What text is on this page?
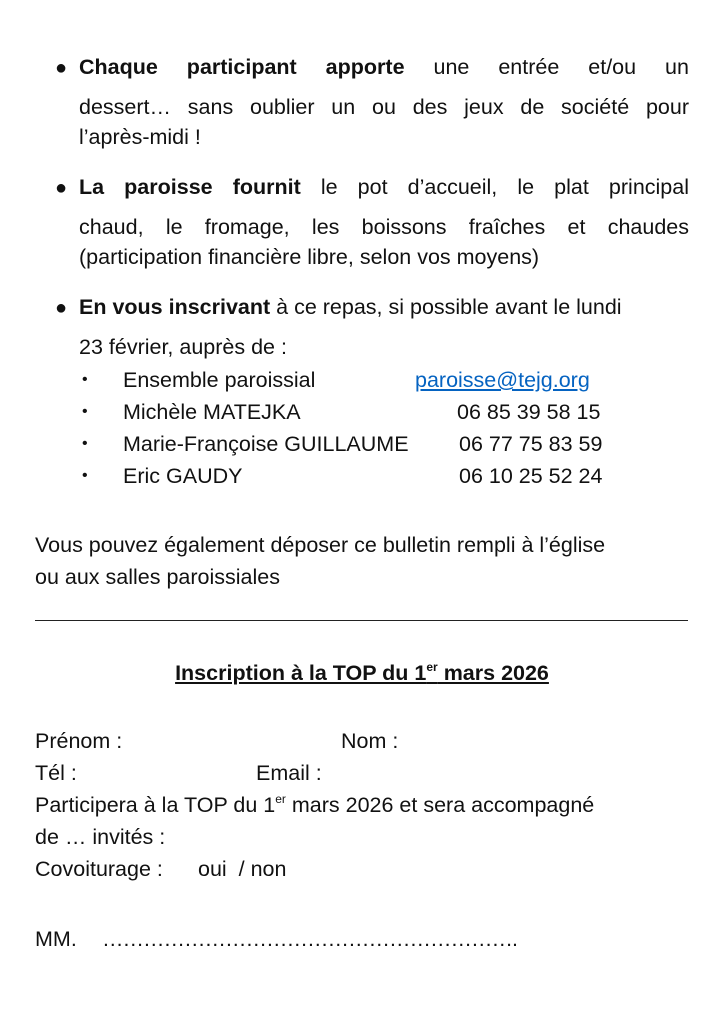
● Chaque participant apporte une entrée et/ou un
dessert… sans oublier un ou des jeux de société pour
l’après-midi !
● La paroisse fournit le pot d’accueil, le plat principal
chaud, le fromage, les boissons fraîches et chaudes
(participation financière libre, selon vos moyens)
● En vous inscrivant à ce repas, si possible avant le lundi
23 février, auprès de :
• Ensemble paroissial	paroisse@tejg.org
• Michèle MATEJKA	06 85 39 58 15
• Marie-Françoise GUILLAUME 06 77 75 83 59
• Eric GAUDY	06 10 25 52 24
Vous pouvez également déposer ce bulletin rempli à l’église
ou aux salles paroissiales
Inscription à la TOP du 1er mars 2026
Prénom :	Nom :
Tél :	Email :
Participera à la TOP du 1er mars 2026 et sera accompagné
de … invités :
Covoiturage : oui  / non
MM. …………………………………………………….
